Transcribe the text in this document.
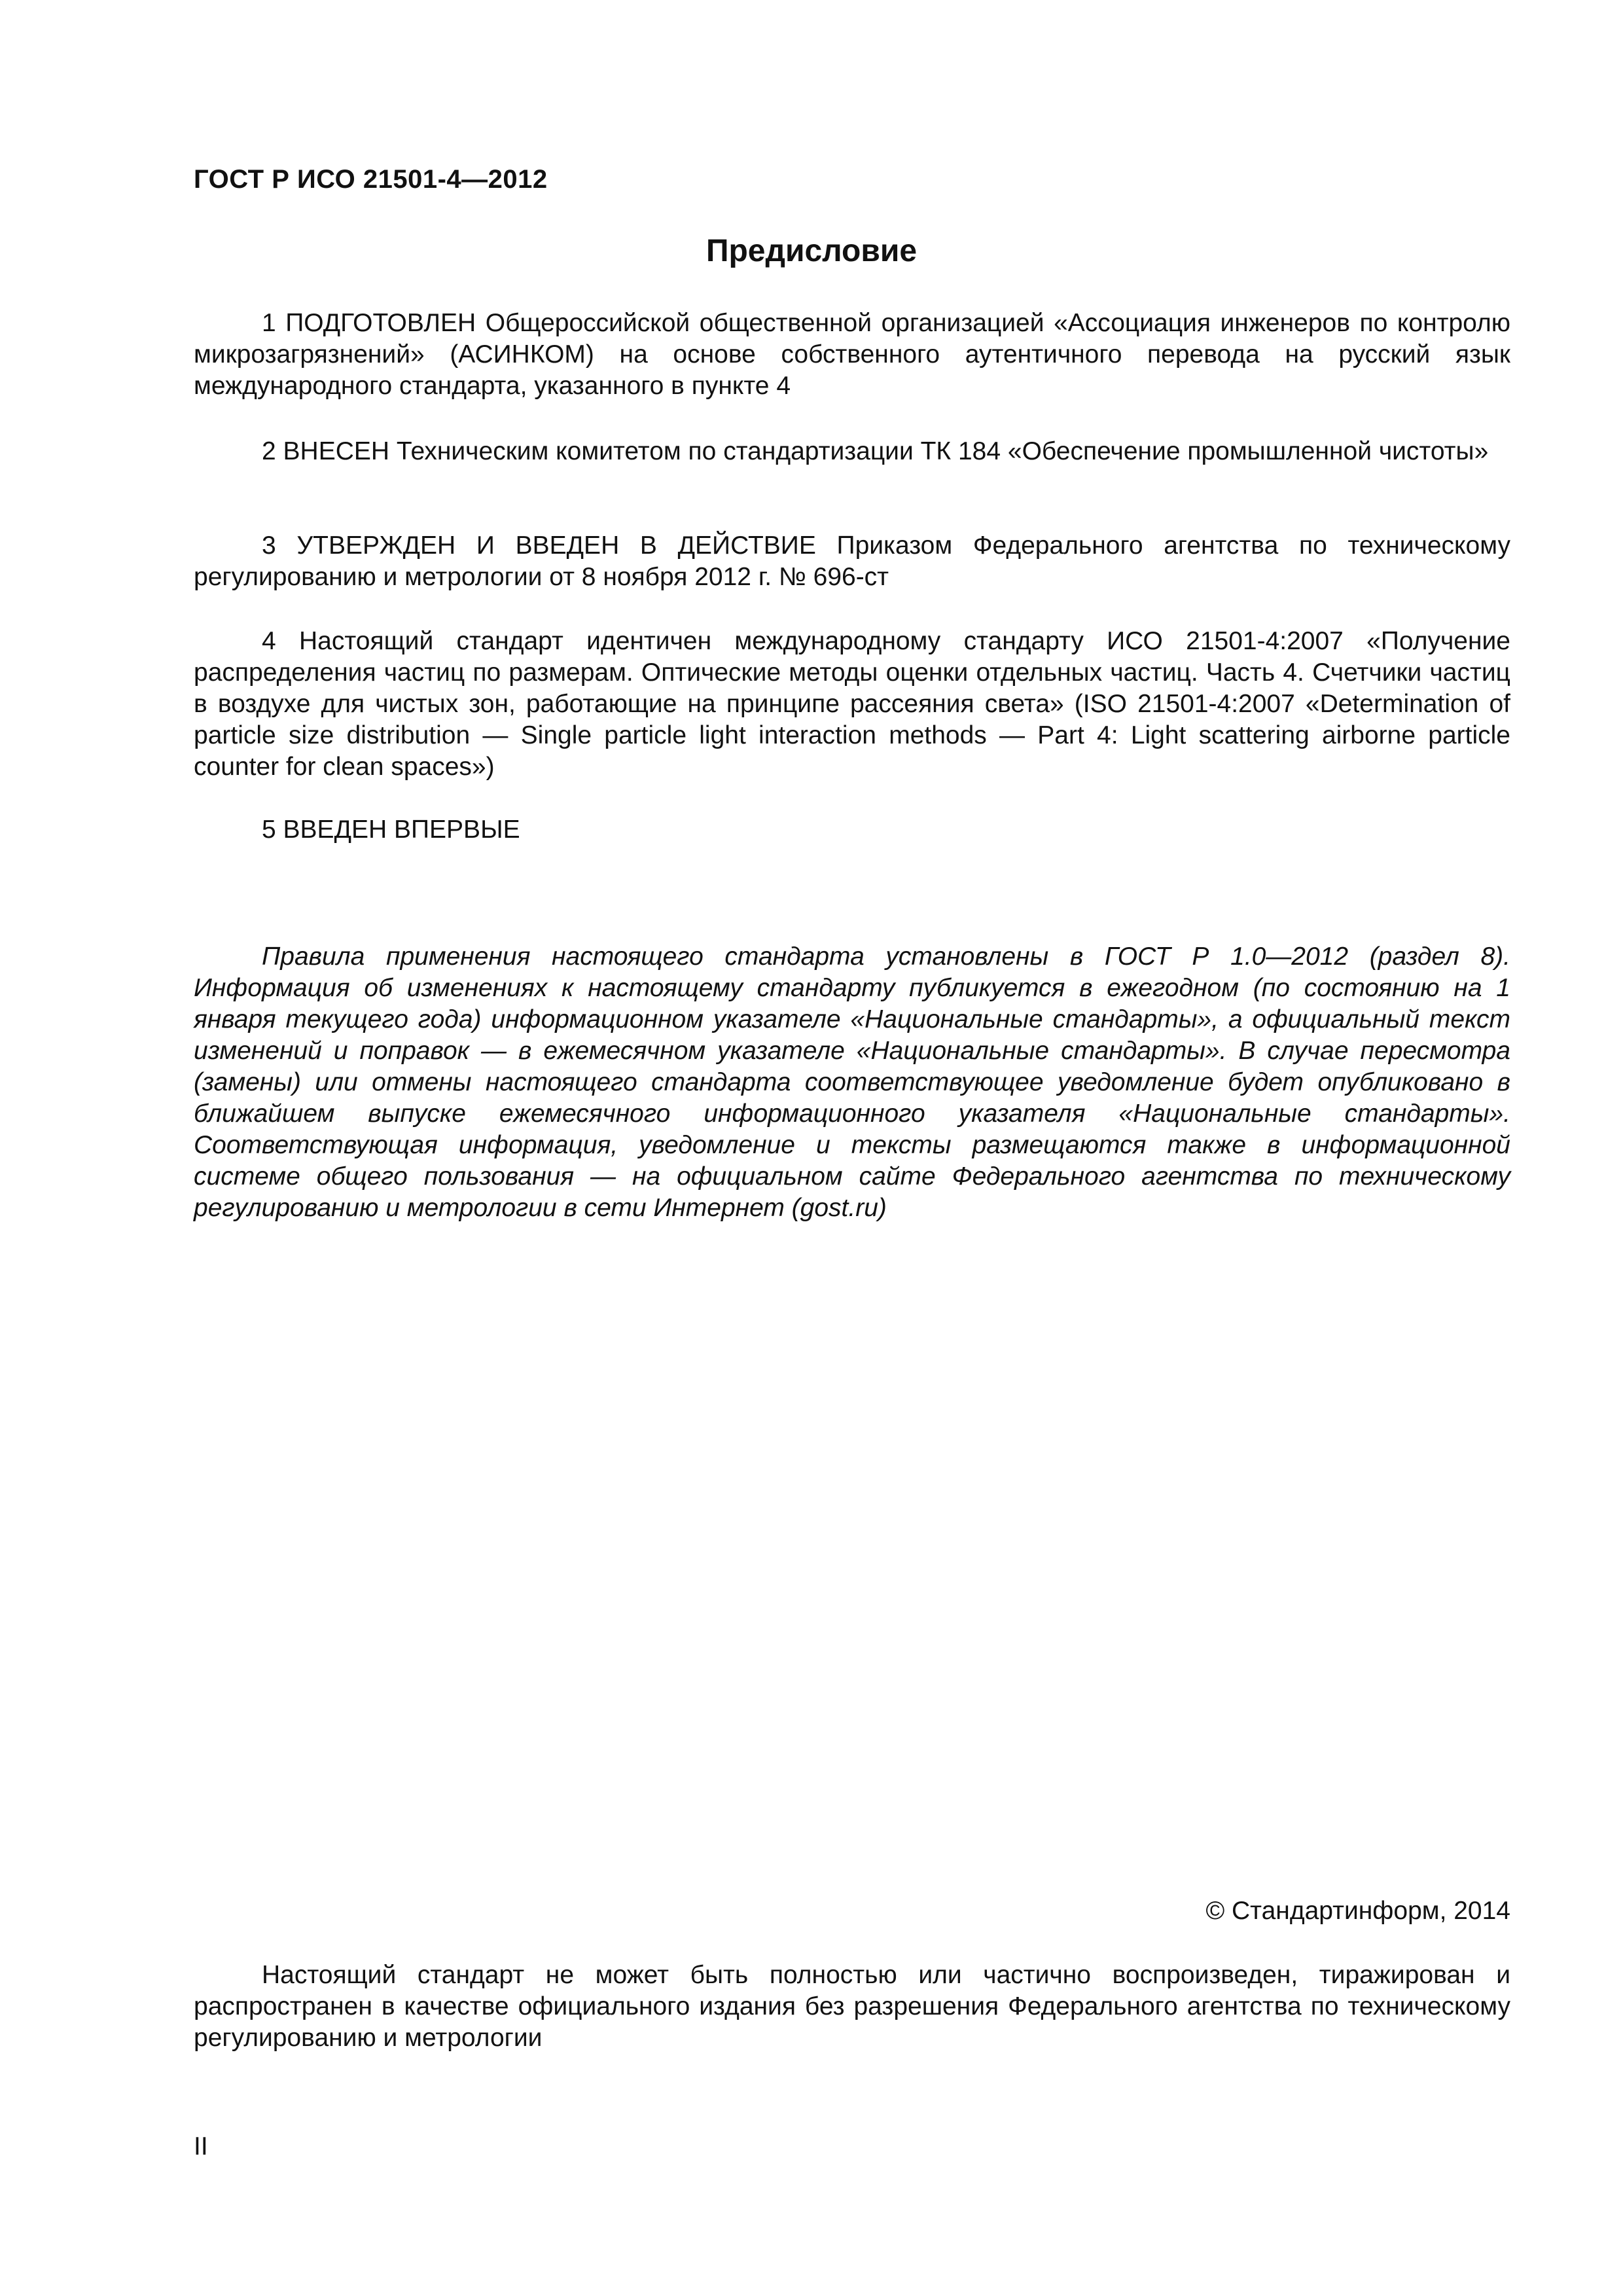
ГОСТ Р ИСО 21501-4—2012
Предисловие

1 ПОДГОТОВЛЕН Общероссийской общественной организацией «Ассоциация инженеров по контролю микрозагрязнений» (АСИНКОМ) на основе собственного аутентичного перевода на русский язык международного стандарта, указанного в пункте 4

2 ВНЕСЕН Техническим комитетом по стандартизации ТК 184 «Обеспечение промышленной чистоты»

3 УТВЕРЖДЕН И ВВЕДЕН В ДЕЙСТВИЕ Приказом Федерального агентства по техническому регулированию и метрологии от 8 ноября 2012 г. № 696-ст

4 Настоящий стандарт идентичен международному стандарту ИСО 21501-4:2007 «Получение распределения частиц по размерам. Оптические методы оценки отдельных частиц. Часть 4. Счетчики частиц в воздухе для чистых зон, работающие на принципе рассеяния света» (ISO 21501-4:2007 «Determination of particle size distribution — Single particle light interaction methods — Part 4: Light scattering airborne particle counter for clean spaces»)

5 ВВЕДЕН ВПЕРВЫЕ

Правила применения настоящего стандарта установлены в ГОСТ Р 1.0—2012 (раздел 8). Информация об изменениях к настоящему стандарту публикуется в ежегодном (по состоянию на 1 января текущего года) информационном указателе «Национальные стандарты», а официальный текст изменений и поправок — в ежемесячном указателе «Национальные стандарты». В случае пересмотра (замены) или отмены настоящего стандарта соответствующее уведомление будет опубликовано в ближайшем выпуске ежемесячного информационного указателя «Национальные стандарты». Соответствующая информация, уведомление и тексты размещаются также в информационной системе общего пользования — на официальном сайте Федерального агентства по техническому регулированию и метрологии в сети Интернет (gost.ru)

© Стандартинформ, 2014

Настоящий стандарт не может быть полностью или частично воспроизведен, тиражирован и распространен в качестве официального издания без разрешения Федерального агентства по техническому регулированию и метрологии

II
